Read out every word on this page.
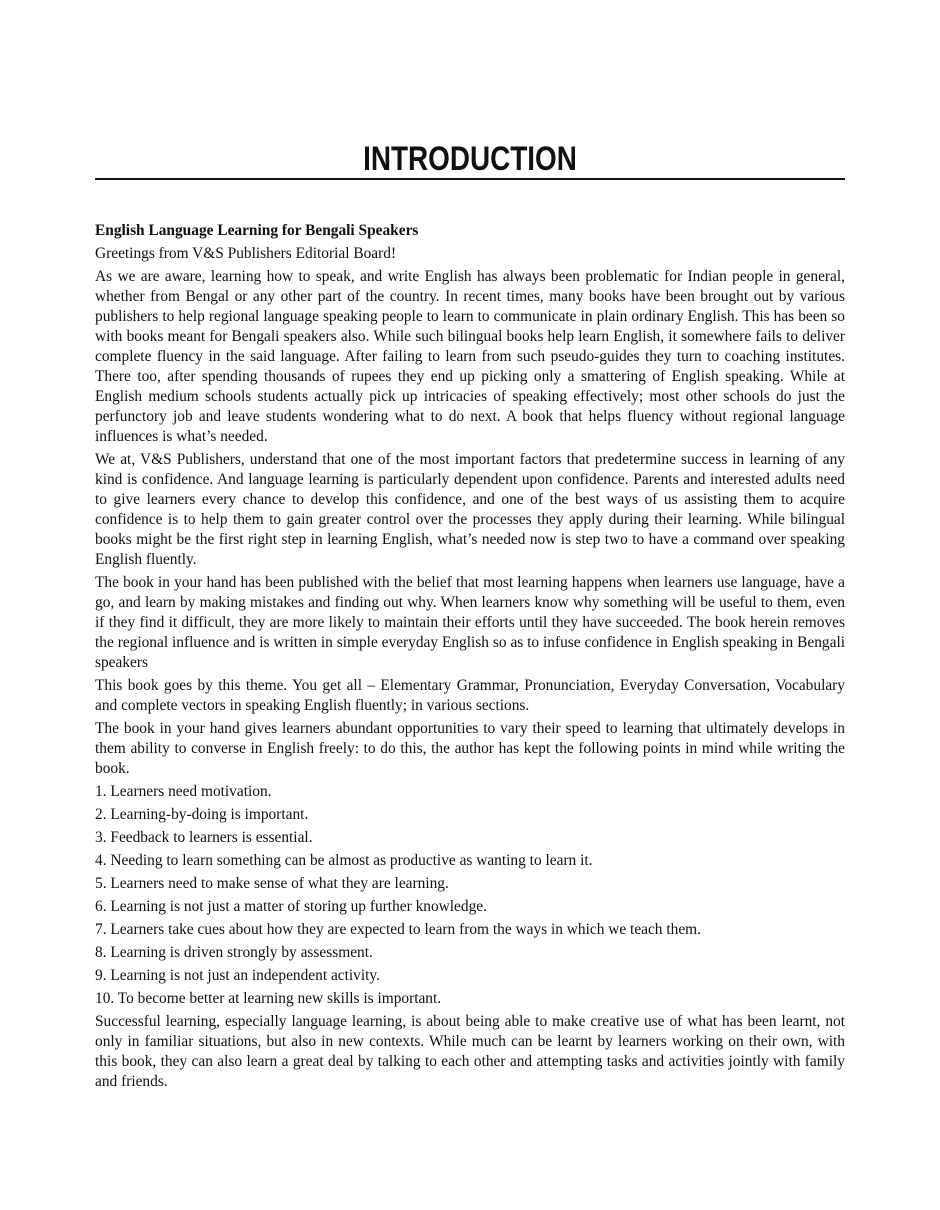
INTRODUCTION

English Language Learning for Bengali Speakers

Greetings from V&S Publishers Editorial Board!

As we are aware, learning how to speak, and write English has always been problematic for Indian people in general, whether from Bengal or any other part of the country. In recent times, many books have been brought out by various publishers to help regional language speaking people to learn to communicate in plain ordinary English. This has been so with books meant for Bengali speakers also. While such bilingual books help learn English, it somewhere fails to deliver complete fluency in the said language. After failing to learn from such pseudo-guides they turn to coaching institutes. There too, after spending thousands of rupees they end up picking only a smattering of English speaking. While at English medium schools students actually pick up intricacies of speaking effectively; most other schools do just the perfunctory job and leave students wondering what to do next. A book that helps fluency without regional language influences is what’s needed.

We at, V&S Publishers, understand that one of the most important factors that predetermine success in learning of any kind is confidence. And language learning is particularly dependent upon confidence. Parents and interested adults need to give learners every chance to develop this confidence, and one of the best ways of us assisting them to acquire confidence is to help them to gain greater control over the processes they apply during their learning. While bilingual books might be the first right step in learning English, what’s needed now is step two to have a command over speaking English fluently.

The book in your hand has been published with the belief that most learning happens when learners use language, have a go, and learn by making mistakes and finding out why. When learners know why something will be useful to them, even if they find it difficult, they are more likely to maintain their efforts until they have succeeded. The book herein removes the regional influence and is written in simple everyday English so as to infuse confidence in English speaking in Bengali speakers

This book goes by this theme. You get all – Elementary Grammar, Pronunciation, Everyday Conversation, Vocabulary and complete vectors in speaking English fluently; in various sections.

The book in your hand gives learners abundant opportunities to vary their speed to learning that ultimately develops in them ability to converse in English freely: to do this, the author has kept the following points in mind while writing the book.

1. Learners need motivation.
2. Learning-by-doing is important.
3. Feedback to learners is essential.
4. Needing to learn something can be almost as productive as wanting to learn it.
5. Learners need to make sense of what they are learning.
6. Learning is not just a matter of storing up further knowledge.
7. Learners take cues about how they are expected to learn from the ways in which we teach them.
8. Learning is driven strongly by assessment.
9. Learning is not just an independent activity.
10. To become better at learning new skills is important.

Successful learning, especially language learning, is about being able to make creative use of what has been learnt, not only in familiar situations, but also in new contexts. While much can be learnt by learners working on their own, with this book, they can also learn a great deal by talking to each other and attempting tasks and activities jointly with family and friends.
